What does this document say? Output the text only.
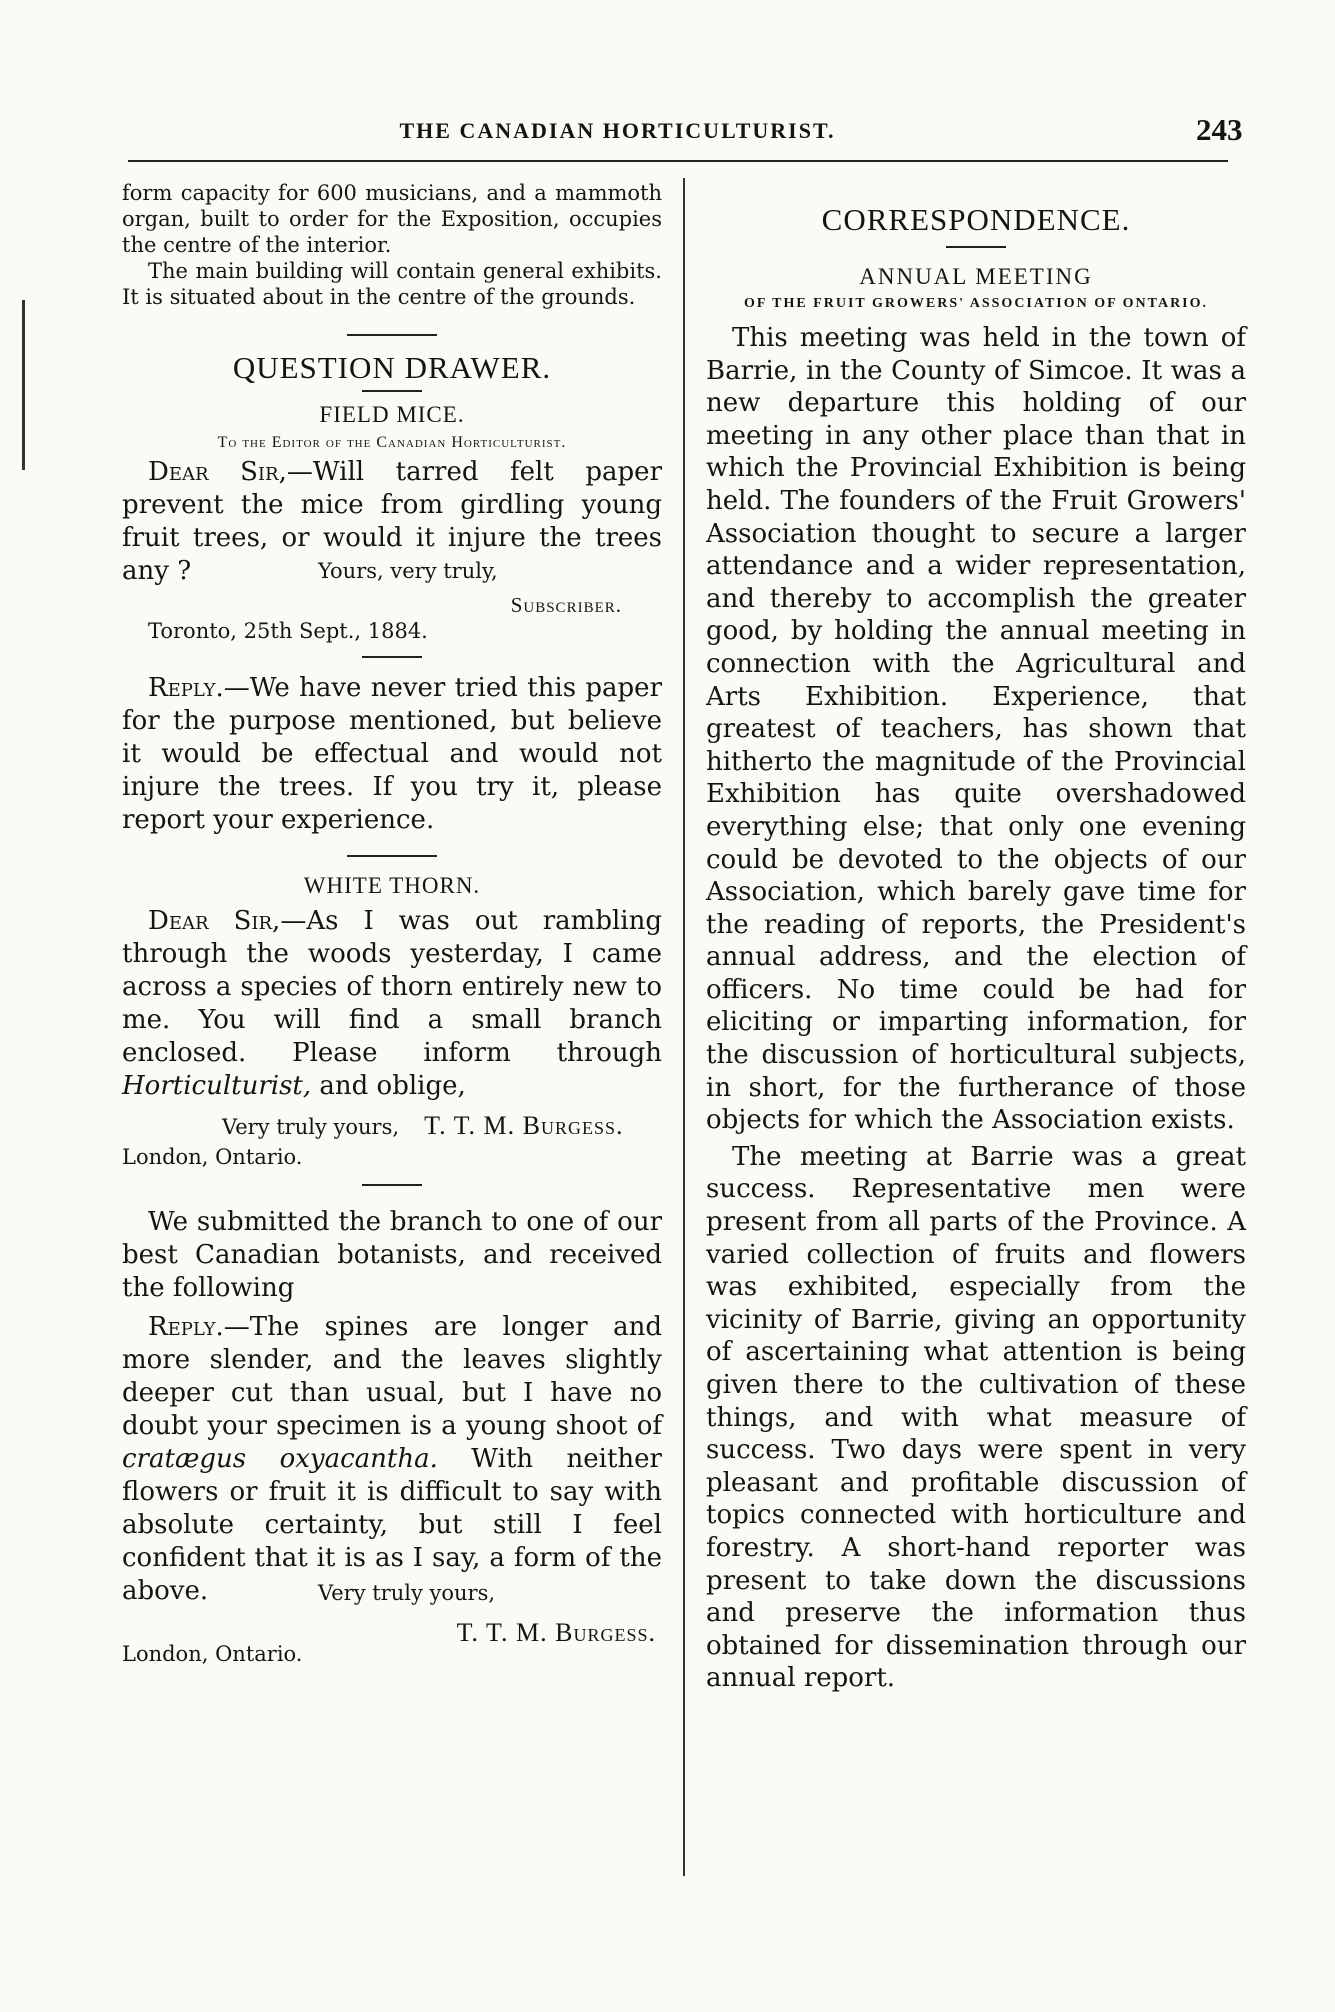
THE CANADIAN HORTICULTURIST.	243

form capacity for 600 musicians, and a mammoth organ, built to order for the Exposition, occupies the centre of the interior.

The main building will contain general exhibits. It is situated about in the centre of the grounds.

QUESTION DRAWER.
FIELD MICE.
To the Editor of the Canadian Horticulturist.

Dear Sir,—Will tarred felt paper prevent the mice from girdling young fruit trees, or would it injure the trees any ?	Yours, very truly,
Subscriber.
Toronto, 25th Sept., 1884.

Reply.—We have never tried this paper for the purpose mentioned, but believe it would be effectual and would not injure the trees. If you try it, please report your experience.

WHITE THORN.

Dear Sir,—As I was out rambling through the woods yesterday, I came across a species of thorn entirely new to me. You will find a small branch enclosed. Please inform through Horticulturist, and oblige,

Very truly yours, T. T. M. Burgess.
London, Ontario.

We submitted the branch to one of our best Canadian botanists, and received the following

Reply.—The spines are longer and more slender, and the leaves slightly deeper cut than usual, but I have no doubt your specimen is a young shoot of cratægus oxyacantha. With neither flowers or fruit it is difficult to say with absolute certainty, but still I feel confident that it is as I say, a form of the above.	Very truly yours,
T. T. M. Burgess.
London, Ontario.
CORRESPONDENCE.
ANNUAL MEETING
OF THE FRUIT GROWERS' ASSOCIATION OF ONTARIO.

This meeting was held in the town of Barrie, in the County of Simcoe. It was a new departure this holding of our meeting in any other place than that in which the Provincial Exhibition is being held. The founders of the Fruit Growers' Association thought to secure a larger attendance and a wider representation, and thereby to accomplish the greater good, by holding the annual meeting in connection with the Agricultural and Arts Exhibition. Experience, that greatest of teachers, has shown that hitherto the magnitude of the Provincial Exhibition has quite overshadowed everything else; that only one evening could be devoted to the objects of our Association, which barely gave time for the reading of reports, the President's annual address, and the election of officers. No time could be had for eliciting or imparting information, for the discussion of horticultural subjects, in short, for the furtherance of those objects for which the Association exists.

The meeting at Barrie was a great success. Representative men were present from all parts of the Province. A varied collection of fruits and flowers was exhibited, especially from the vicinity of Barrie, giving an opportunity of ascertaining what attention is being given there to the cultivation of these things, and with what measure of success. Two days were spent in very pleasant and profitable discussion of topics connected with horticulture and forestry. A short-hand reporter was present to take down the discussions and preserve the information thus obtained for dissemination through our annual report.
